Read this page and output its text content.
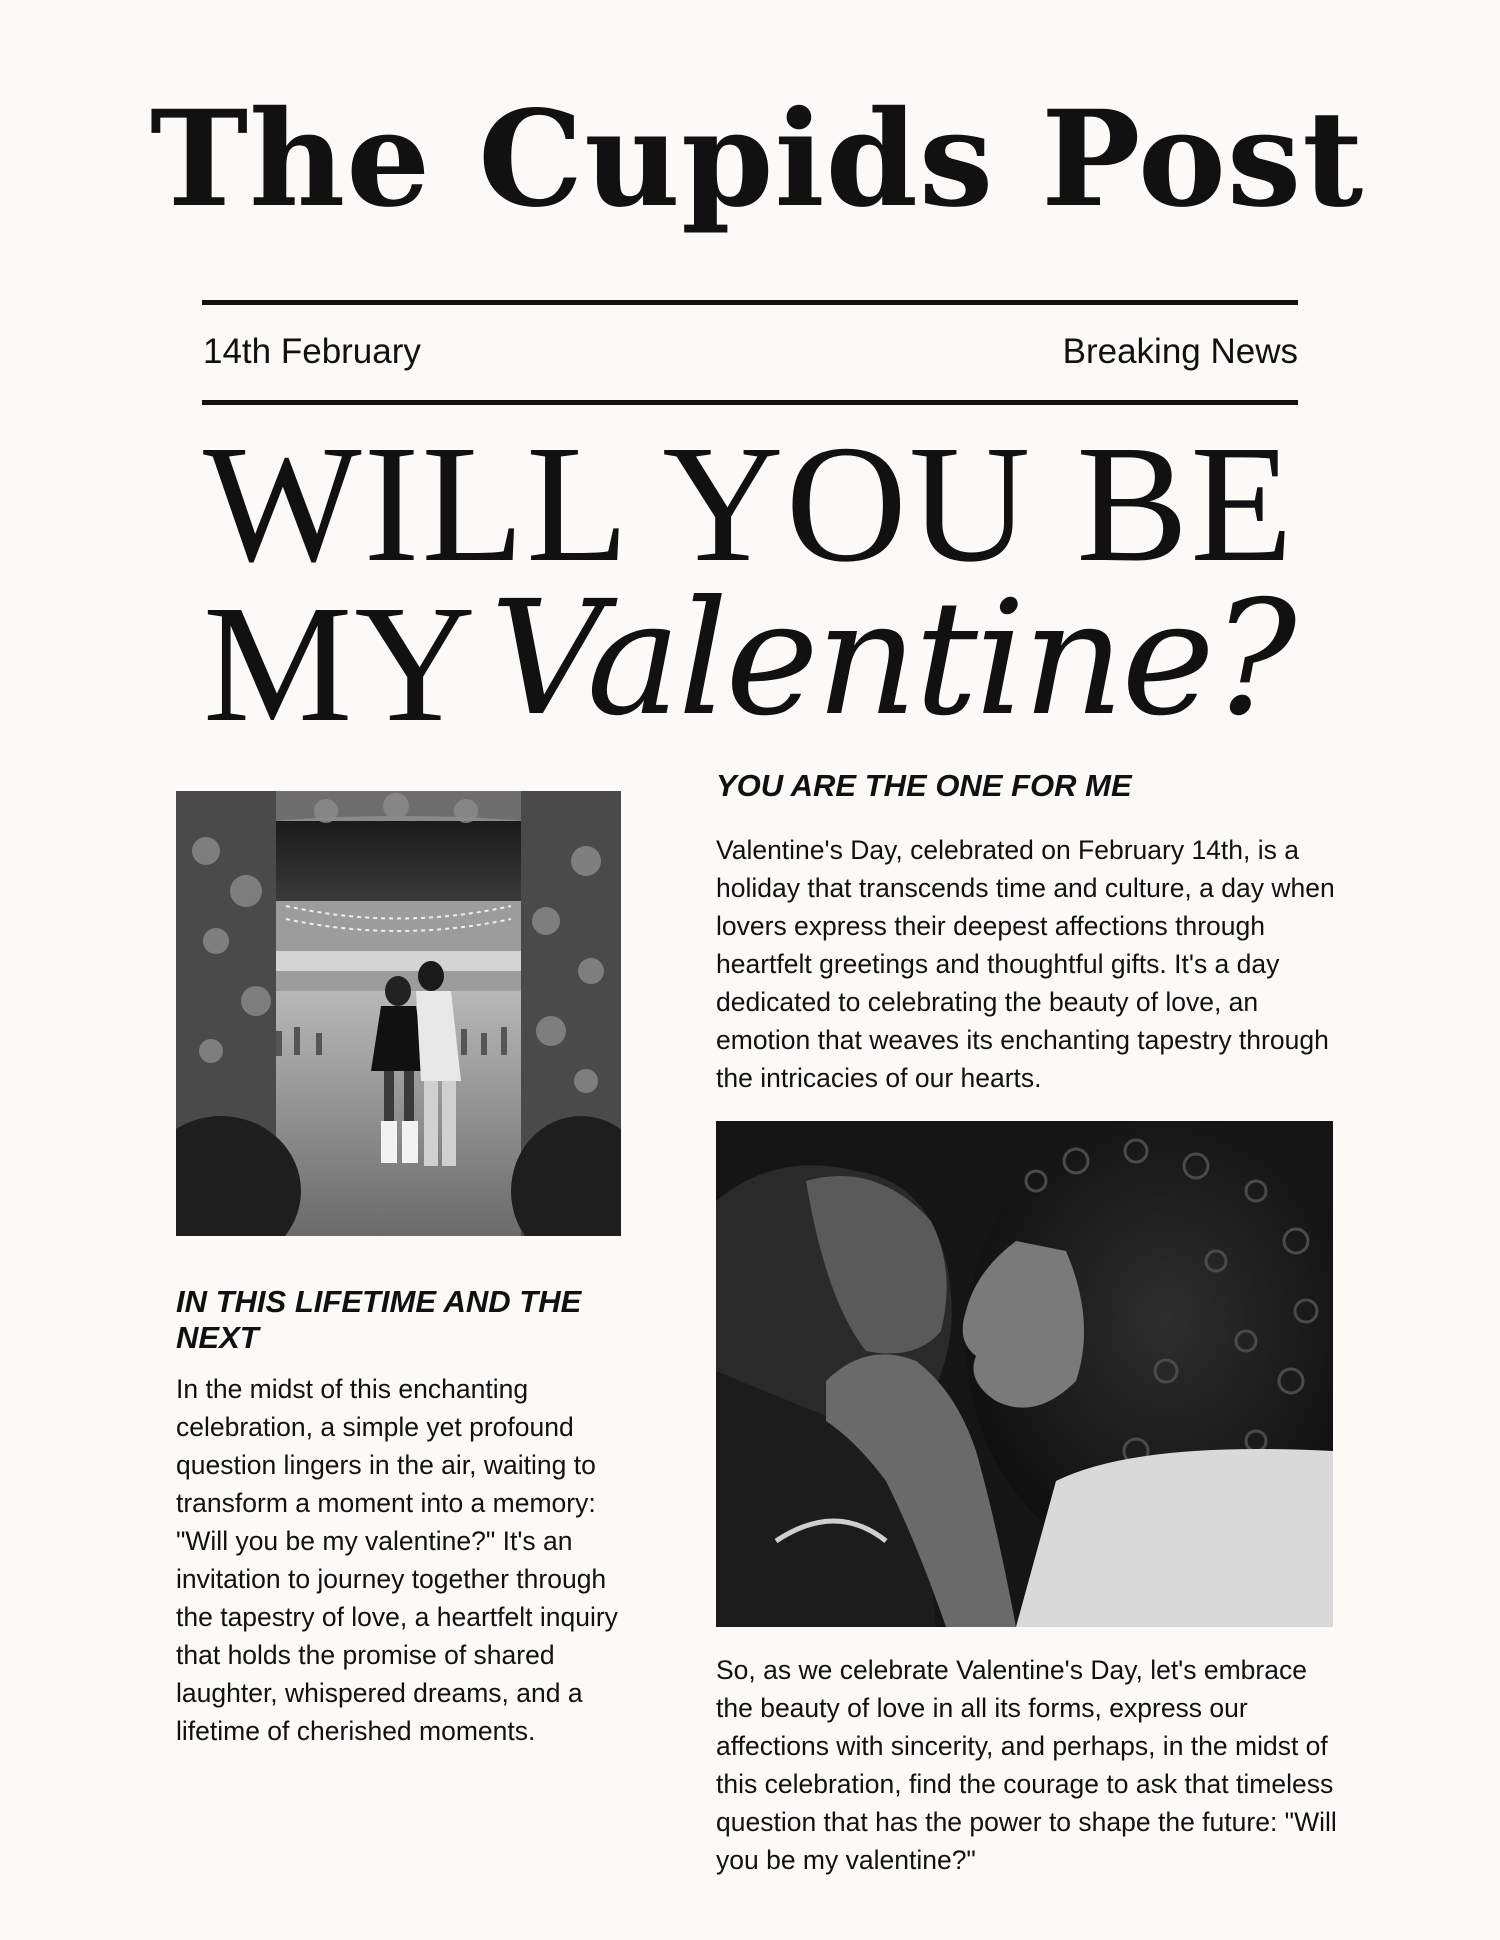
The Cupids Post
14th February	Breaking News
WILL YOU BE
MY Valentine?
YOU ARE THE ONE FOR ME
Valentine's Day, celebrated on February 14th, is a holiday that transcends time and culture, a day when lovers express their deepest affections through heartfelt greetings and thoughtful gifts. It's a day dedicated to celebrating the beauty of love, an emotion that weaves its enchanting tapestry through the intricacies of our hearts.
IN THIS LIFETIME AND THE NEXT
In the midst of this enchanting celebration, a simple yet profound question lingers in the air, waiting to transform a moment into a memory: "Will you be my valentine?" It's an invitation to journey together through the tapestry of love, a heartfelt inquiry that holds the promise of shared laughter, whispered dreams, and a lifetime of cherished moments.
So, as we celebrate Valentine's Day, let's embrace the beauty of love in all its forms, express our affections with sincerity, and perhaps, in the midst of this celebration, find the courage to ask that timeless question that has the power to shape the future: "Will you be my valentine?"
